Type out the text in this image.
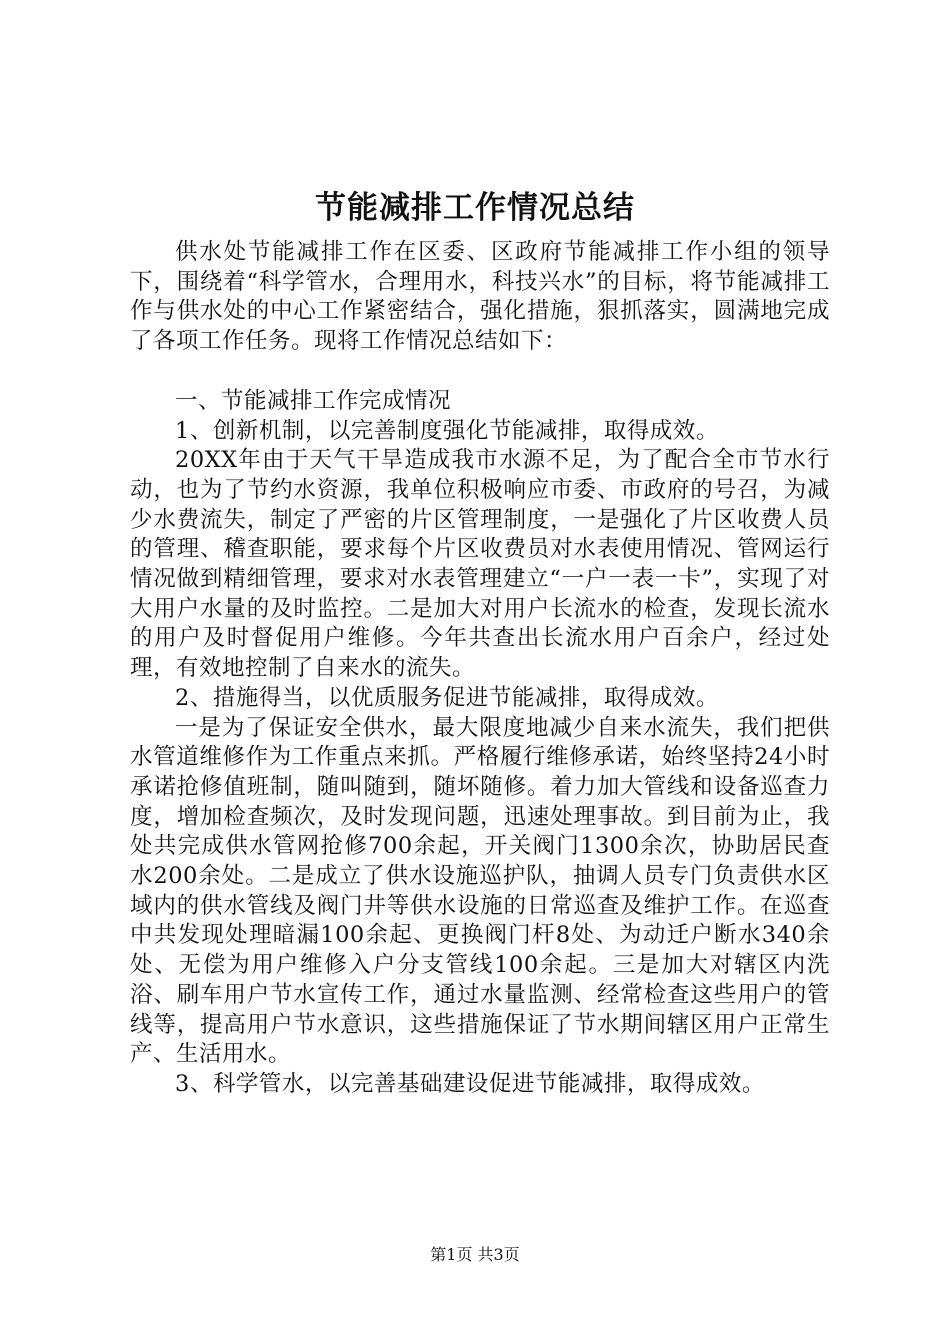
节能减排工作情况总结

供水处节能减排工作在区委、区政府节能减排工作小组的领导下，围绕着“科学管水，合理用水，科技兴水”的目标，将节能减排工作与供水处的中心工作紧密结合，强化措施，狠抓落实，圆满地完成了各项工作任务。现将工作情况总结如下：

一、节能减排工作完成情况

1、创新机制，以完善制度强化节能减排，取得成效。

20XX年由于天气干旱造成我市水源不足，为了配合全市节水行动，也为了节约水资源，我单位积极响应市委、市政府的号召，为减少水费流失，制定了严密的片区管理制度，一是强化了片区收费人员的管理、稽查职能，要求每个片区收费员对水表使用情况、管网运行情况做到精细管理，要求对水表管理建立“一户一表一卡”，实现了对大用户水量的及时监控。二是加大对用户长流水的检查，发现长流水的用户及时督促用户维修。今年共查出长流水用户百余户，经过处理，有效地控制了自来水的流失。

2、措施得当，以优质服务促进节能减排，取得成效。

一是为了保证安全供水，最大限度地减少自来水流失，我们把供水管道维修作为工作重点来抓。严格履行维修承诺，始终坚持24小时承诺抢修值班制，随叫随到，随坏随修。着力加大管线和设备巡查力度，增加检查频次，及时发现问题，迅速处理事故。到目前为止，我处共完成供水管网抢修700余起，开关阀门1300余次，协助居民查水200余处。二是成立了供水设施巡护队，抽调人员专门负责供水区域内的供水管线及阀门井等供水设施的日常巡查及维护工作。在巡查中共发现处理暗漏100余起、更换阀门杆8处、为动迁户断水340余处、无偿为用户维修入户分支管线100余起。三是加大对辖区内洗浴、刷车用户节水宣传工作，通过水量监测、经常检查这些用户的管线等，提高用户节水意识，这些措施保证了节水期间辖区用户正常生产、生活用水。

3、科学管水，以完善基础建设促进节能减排，取得成效。

第1页 共3页
